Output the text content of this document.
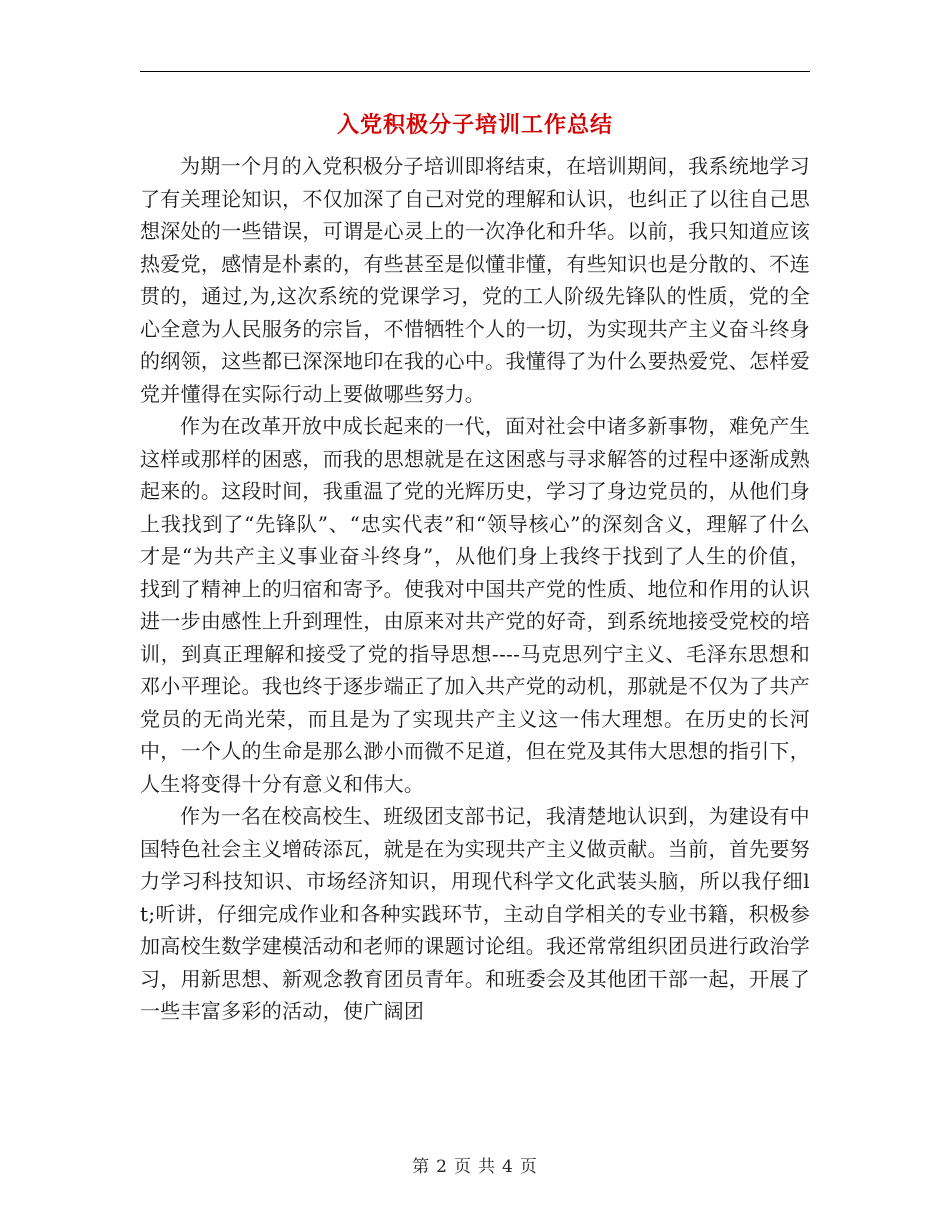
入党积极分子培训工作总结

为期一个月的入党积极分子培训即将结束，在培训期间，我系统地学习了有关理论知识，不仅加深了自己对党的理解和认识，也纠正了以往自己思想深处的一些错误，可谓是心灵上的一次净化和升华。以前，我只知道应该热爱党，感情是朴素的，有些甚至是似懂非懂，有些知识也是分散的、不连贯的，通过,为,这次系统的党课学习，党的工人阶级先锋队的性质，党的全心全意为人民服务的宗旨，不惜牺牲个人的一切，为实现共产主义奋斗终身的纲领，这些都已深深地印在我的心中。我懂得了为什么要热爱党、怎样爱党并懂得在实际行动上要做哪些努力。

作为在改革开放中成长起来的一代，面对社会中诸多新事物，难免产生这样或那样的困惑，而我的思想就是在这困惑与寻求解答的过程中逐渐成熟起来的。这段时间，我重温了党的光辉历史，学习了身边党员的，从他们身上我找到了“先锋队”、“忠实代表”和“领导核心”的深刻含义，理解了什么才是“为共产主义事业奋斗终身”，从他们身上我终于找到了人生的价值，找到了精神上的归宿和寄予。使我对中国共产党的性质、地位和作用的认识进一步由感性上升到理性，由原来对共产党的好奇，到系统地接受党校的培训，到真正理解和接受了党的指导思想----马克思列宁主义、毛泽东思想和邓小平理论。我也终于逐步端正了加入共产党的动机，那就是不仅为了共产党员的无尚光荣，而且是为了实现共产主义这一伟大理想。在历史的长河中，一个人的生命是那么渺小而微不足道，但在党及其伟大思想的指引下，人生将变得十分有意义和伟大。

作为一名在校高校生、班级团支部书记，我清楚地认识到，为建设有中国特色社会主义增砖添瓦，就是在为实现共产主义做贡献。当前，首先要努力学习科技知识、市场经济知识，用现代科学文化武装头脑，所以我仔细lt;听讲，仔细完成作业和各种实践环节，主动自学相关的专业书籍，积极参加高校生数学建模活动和老师的课题讨论组。我还常常组织团员进行政治学习，用新思想、新观念教育团员青年。和班委会及其他团干部一起，开展了一些丰富多彩的活动，使广阔团

第 2 页 共 4 页
